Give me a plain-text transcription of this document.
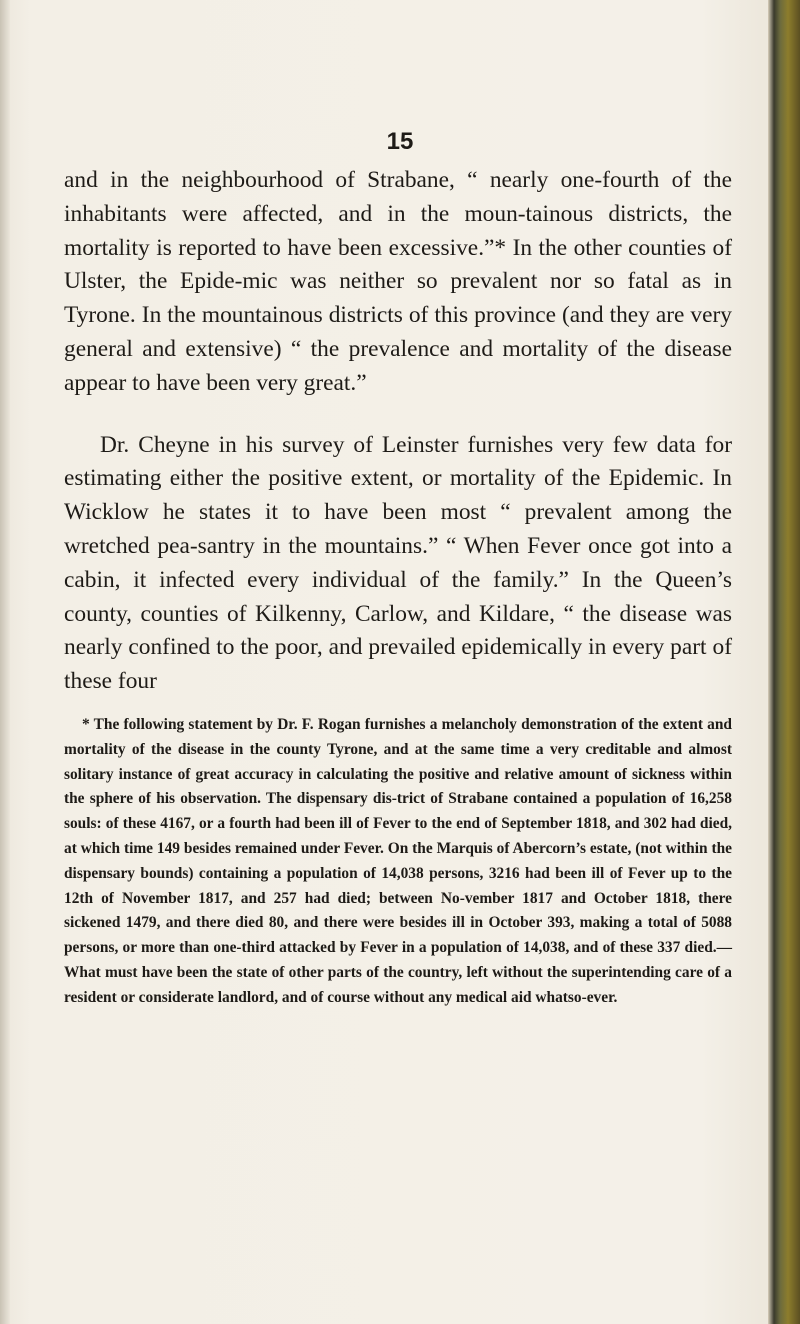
15

and in the neighbourhood of Strabane, “ nearly one-fourth of the inhabitants were affected, and in the moun-tainous districts, the mortality is reported to have been excessive.”* In the other counties of Ulster, the Epide-mic was neither so prevalent nor so fatal as in Tyrone. In the mountainous districts of this province (and they are very general and extensive) “ the prevalence and mortality of the disease appear to have been very great.”

Dr. Cheyne in his survey of Leinster furnishes very few data for estimating either the positive extent, or mortality of the Epidemic. In Wicklow he states it to have been most “ prevalent among the wretched pea-santry in the mountains.” “ When Fever once got into a cabin, it infected every individual of the family.” In the Queen’s county, counties of Kilkenny, Carlow, and Kildare, “ the disease was nearly confined to the poor, and prevailed epidemically in every part of these four

* The following statement by Dr. F. Rogan furnishes a melancholy demonstration of the extent and mortality of the disease in the county Tyrone, and at the same time a very creditable and almost solitary instance of great accuracy in calculating the positive and relative amount of sickness within the sphere of his observation. The dispensary dis-trict of Strabane contained a population of 16,258 souls: of these 4167, or a fourth had been ill of Fever to the end of September 1818, and 302 had died, at which time 149 besides remained under Fever. On the Marquis of Abercorn’s estate, (not within the dispensary bounds) containing a population of 14,038 persons, 3216 had been ill of Fever up to the 12th of November 1817, and 257 had died; between No-vember 1817 and October 1818, there sickened 1479, and there died 80, and there were besides ill in October 393, making a total of 5088 persons, or more than one-third attacked by Fever in a population of 14,038, and of these 337 died.—What must have been the state of other parts of the country, left without the superintending care of a resident or considerate landlord, and of course without any medical aid whatso-ever.
